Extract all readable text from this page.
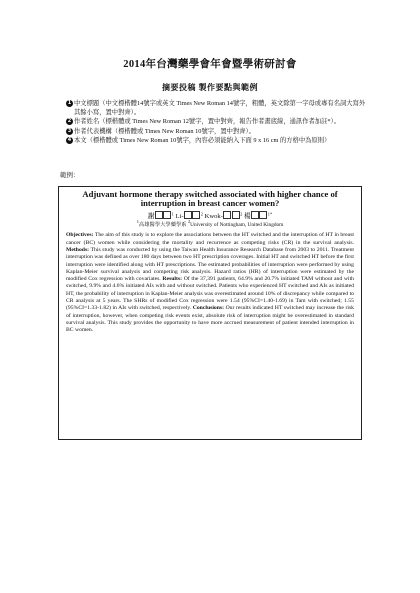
2014年台灣藥學會年會暨學術研討會
摘要投稿 製作要點與範例
1 中文標題（中文標楷體14號字或英文 Times New Roman 14號字，粗體，英文除第一字母或專有名詞大寫外其餘小寫，置中對齊）。
2 作者姓名（標楷體或 Times New Roman 12號字，置中對齊，報告作者畫底線，通訊作者加註*）。
3 作者代表機構（標楷體或 Times New Roman 10號字，置中對齊）。
4 本文（標楷體或 Times New Roman 10號字，內容必須能納入下面 9 x 16 cm 的方格中為原則）
範例：
Adjuvant hormone therapy switched associated with higher chance of interruption in breast cancer women?
謝	$^1$ Li-	$^2$ Kwok-	$^2$ 楊	$^{1*}$
$^1$高雄醫學大學藥學系 $^2$University of Nottingham, United Kingdom
Objectives: The aim of this study is to explore the associations between the HT switched and the interruption of HT in breast cancer (BC) women while considering the mortality and recurrence as competing risks (CR) in the survival analysis. Methods: This study was conducted by using the Taiwan Health Insurance Research Database from 2003 to 2011. Treatment interruption was defined as over 180 days between two HT prescription coverages. Initial HT and switched HT before the first interruption were identified along with HT prescriptions. The estimated probabilities of interruption were performed by using Kaplan-Meier survival analysis and competing risk analysis. Hazard ratios (HR) of interruption were estimated by the modified Cox regression with covariates. Results: Of the 37,391 patients, 64.9% and 20.7% initiated TAM without and with switched, 9.9% and 4.6% initiated AIs with and without switched. Patients who experienced HT switched and AIs as initiated HT, the probability of interruption in Kaplan-Meier analysis was overestimated around 10% of discrepancy while compared to CR analysis at 5 years. The SHRs of modified Cox regression were 1.54 (95%CI=1.40-1.69) in Tam with switched; 1.55 (95%CI=1.33-1.82) in AIs with switched, respectively. Conclusions: Our results indicated HT switched may increase the risk of interruption, however, when competing risk events exist, absolute risk of interruption might be overestimated in standard survival analysis. This study provides the opportunity to have more accrued measurement of patient intended interruption in BC women.
